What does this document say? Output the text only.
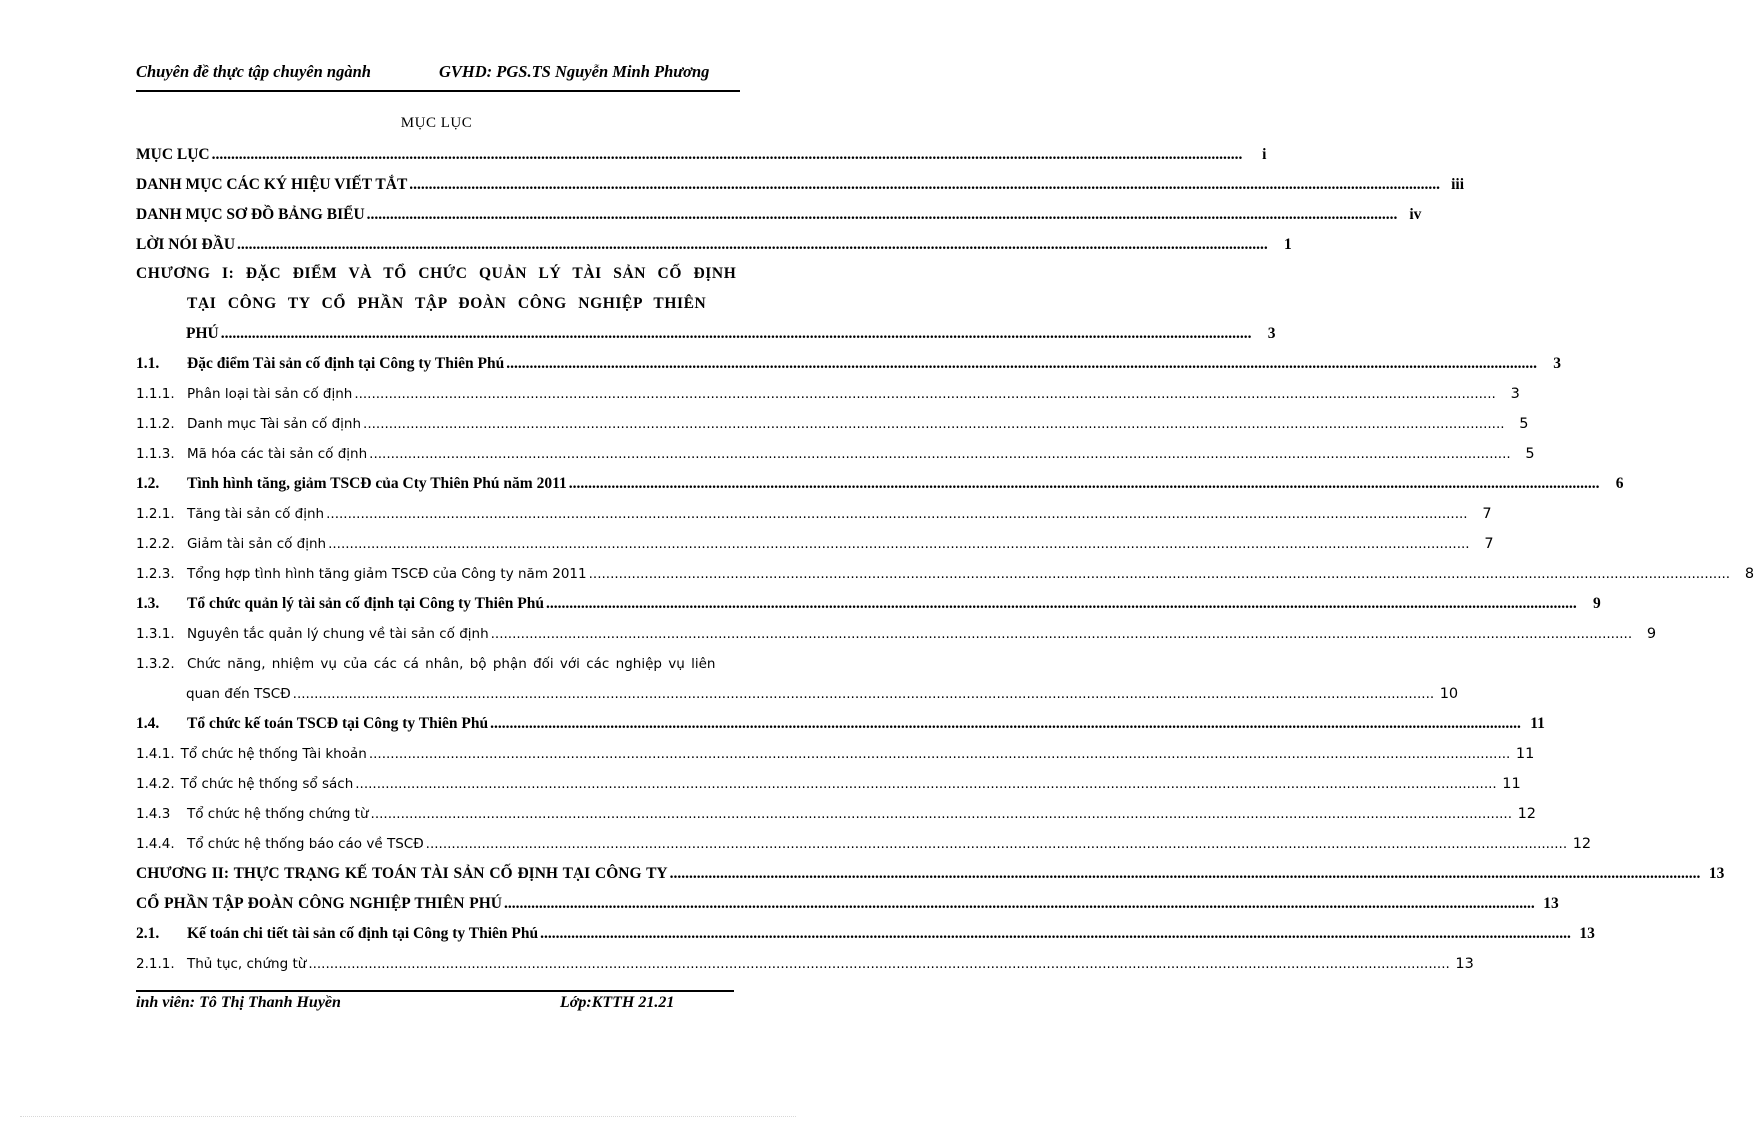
Chuyên đề thực tập chuyên ngành	GVHD: PGS.TS Nguyễn Minh Phương
MỤC LỤC
MỤC LỤC ..........................................................................................................................................................................................................................................................................	i
DANH MỤC CÁC KÝ HIỆU VIẾT TẮT .......................................................................................................................................................................................................................................................................... iii
DANH MỤC SƠ ĐỒ BẢNG BIỂU .......................................................................................................................................................................................................................................................................... iv
LỜI NÓI ĐẦU ..........................................................................................................................................................................................................................................................................	1
CHƯƠNG I: ĐẶC ĐIỂM VÀ TỔ CHỨC QUẢN LÝ TÀI SẢN CỐ ĐỊNH
TẠI CÔNG TY CỔ PHẦN TẬP ĐOÀN CÔNG NGHIỆP THIÊN
PHÚ ..........................................................................................................................................................................................................................................................................	3
1.1.	Đặc điểm Tài sản cố định tại Công ty Thiên Phú ..........................................................................................................................................................................................................................................................................	3
1.1.1. Phân loại tài sản cố định ..........................................................................................................................................................................................................................................................................	3
1.1.2. Danh mục Tài sản cố định ..........................................................................................................................................................................................................................................................................	5
1.1.3. Mã hóa các tài sản cố định ..........................................................................................................................................................................................................................................................................	5
1.2.	Tình hình tăng, giảm TSCĐ của Cty Thiên Phú năm 2011 ..........................................................................................................................................................................................................................................................................	6
1.2.1. Tăng tài sản cố định ..........................................................................................................................................................................................................................................................................	7
1.2.2. Giảm tài sản cố định ..........................................................................................................................................................................................................................................................................	7
1.2.3. Tổng hợp tình hình tăng giảm TSCĐ của Công ty năm 2011 ..........................................................................................................................................................................................................................................................................	8
1.3.	Tổ chức quản lý tài sản cố định tại Công ty Thiên Phú ..........................................................................................................................................................................................................................................................................	9
1.3.1. Nguyên tắc quản lý chung về tài sản cố định ..........................................................................................................................................................................................................................................................................	9
1.3.2. Chức năng, nhiệm vụ của các cá nhân, bộ phận đối với các nghiệp vụ liên
quan đến TSCĐ .......................................................................................................................................................................................................................................................................... 10
1.4.	Tổ chức kế toán TSCĐ tại Công ty Thiên Phú .......................................................................................................................................................................................................................................................................... 11
1.4.1. Tổ chức hệ thống Tài khoản .......................................................................................................................................................................................................................................................................... 11
1.4.2. Tổ chức hệ thống sổ sách .......................................................................................................................................................................................................................................................................... 11
1.4.3	Tổ chức hệ thống chứng từ .......................................................................................................................................................................................................................................................................... 12
1.4.4. Tổ chức hệ thống báo cáo về TSCĐ .......................................................................................................................................................................................................................................................................... 12
CHƯƠNG II: THỰC TRẠNG KẾ TOÁN TÀI SẢN CỐ ĐỊNH TẠI CÔNG TY .......................................................................................................................................................................................................................................................................... 13
CỔ PHẦN TẬP ĐOÀN CÔNG NGHIỆP THIÊN PHÚ .......................................................................................................................................................................................................................................................................... 13
2.1.	Kế toán chi tiết tài sản cố định tại Công ty Thiên Phú .......................................................................................................................................................................................................................................................................... 13
2.1.1. Thủ tục, chứng từ .......................................................................................................................................................................................................................................................................... 13
inh viên: Tô Thị Thanh Huyền	Lớp:KTTH 21.21
